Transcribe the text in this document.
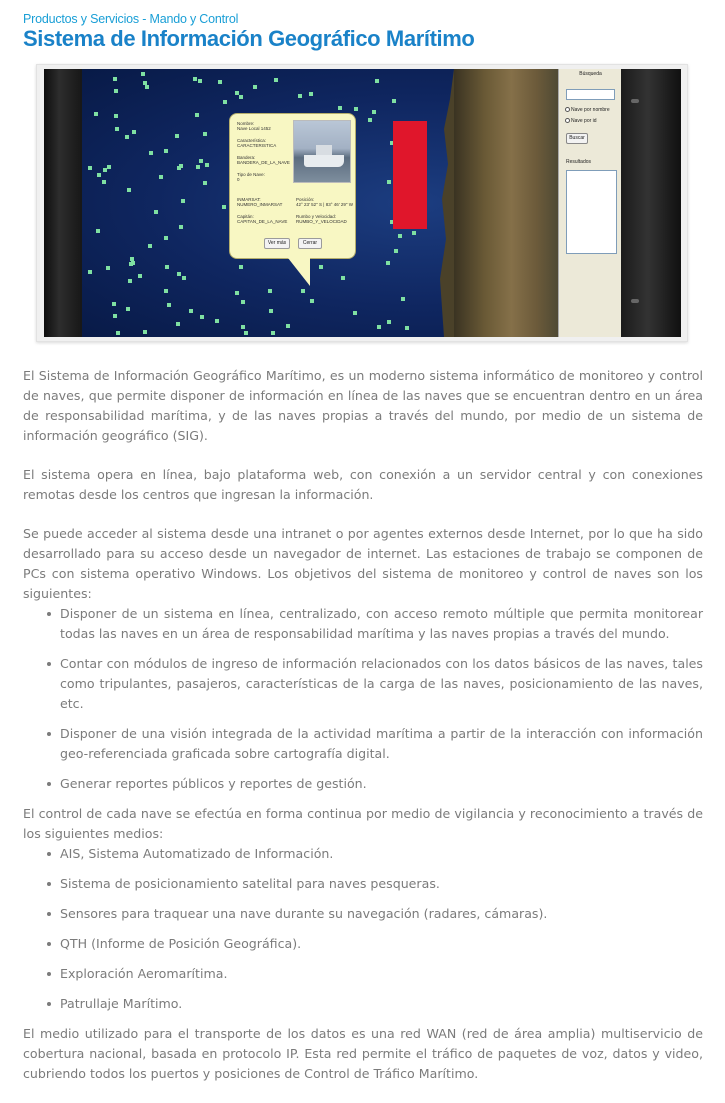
Productos y Servicios - Mando y Control
Sistema de Información Geográfico Marítimo
Nombre:
Nave Local 1452
Característica:
CARACTERISTICA
Bandera:
BANDERA_DE_LA_NAVE
Tipo de Nave:
0
INMARSAT:
NUMERO_INMARSAT
Posición:
42° 23' 52" S | 83° 46' 29" W
Capitán:
CAPITAN_DE_LA_NAVE
Rumbo y Velocidad:
RUMBO_Y_VELOCIDAD
Ver más	Cerrar
Búsqueda
Nave por nombre
Nave por id
Buscar
Resultados

El Sistema de Información Geográfico Marítimo, es un moderno sistema informático de monitoreo y control de naves, que permite disponer de información en línea de las naves que se encuentran dentro en un área de responsabilidad marítima, y de las naves propias a través del mundo, por medio de un sistema de información geográfico (SIG).

El sistema opera en línea, bajo plataforma web, con conexión a un servidor central y con conexiones remotas desde los centros que ingresan la información.

Se puede acceder al sistema desde una intranet o por agentes externos desde Internet, por lo que ha sido desarrollado para su acceso desde un navegador de internet. Las estaciones de trabajo se componen de PCs con sistema operativo Windows. Los objetivos del sistema de monitoreo y control de naves son los siguientes:

Disponer de un sistema en línea, centralizado, con acceso remoto múltiple que permita monitorear todas las naves en un área de responsabilidad marítima y las naves propias a través del mundo.
Contar con módulos de ingreso de información relacionados con los datos básicos de las naves, tales como tripulantes, pasajeros, características de la carga de las naves, posicionamiento de las naves, etc.
Disponer de una visión integrada de la actividad marítima a partir de la interacción con información geo-referenciada graficada sobre cartografía digital.
Generar reportes públicos y reportes de gestión.

El control de cada nave se efectúa en forma continua por medio de vigilancia y reconocimiento a través de los siguientes medios:

AIS, Sistema Automatizado de Información.
Sistema de posicionamiento satelital para naves pesqueras.
Sensores para traquear una nave durante su navegación (radares, cámaras).
QTH (Informe de Posición Geográfica).
Exploración Aeromarítima.
Patrullaje Marítimo.

El medio utilizado para el transporte de los datos es una red WAN (red de área amplia) multiservicio de cobertura nacional, basada en protocolo IP. Esta red permite el tráfico de paquetes de voz, datos y video, cubriendo todos los puertos y posiciones de Control de Tráfico Marítimo.
